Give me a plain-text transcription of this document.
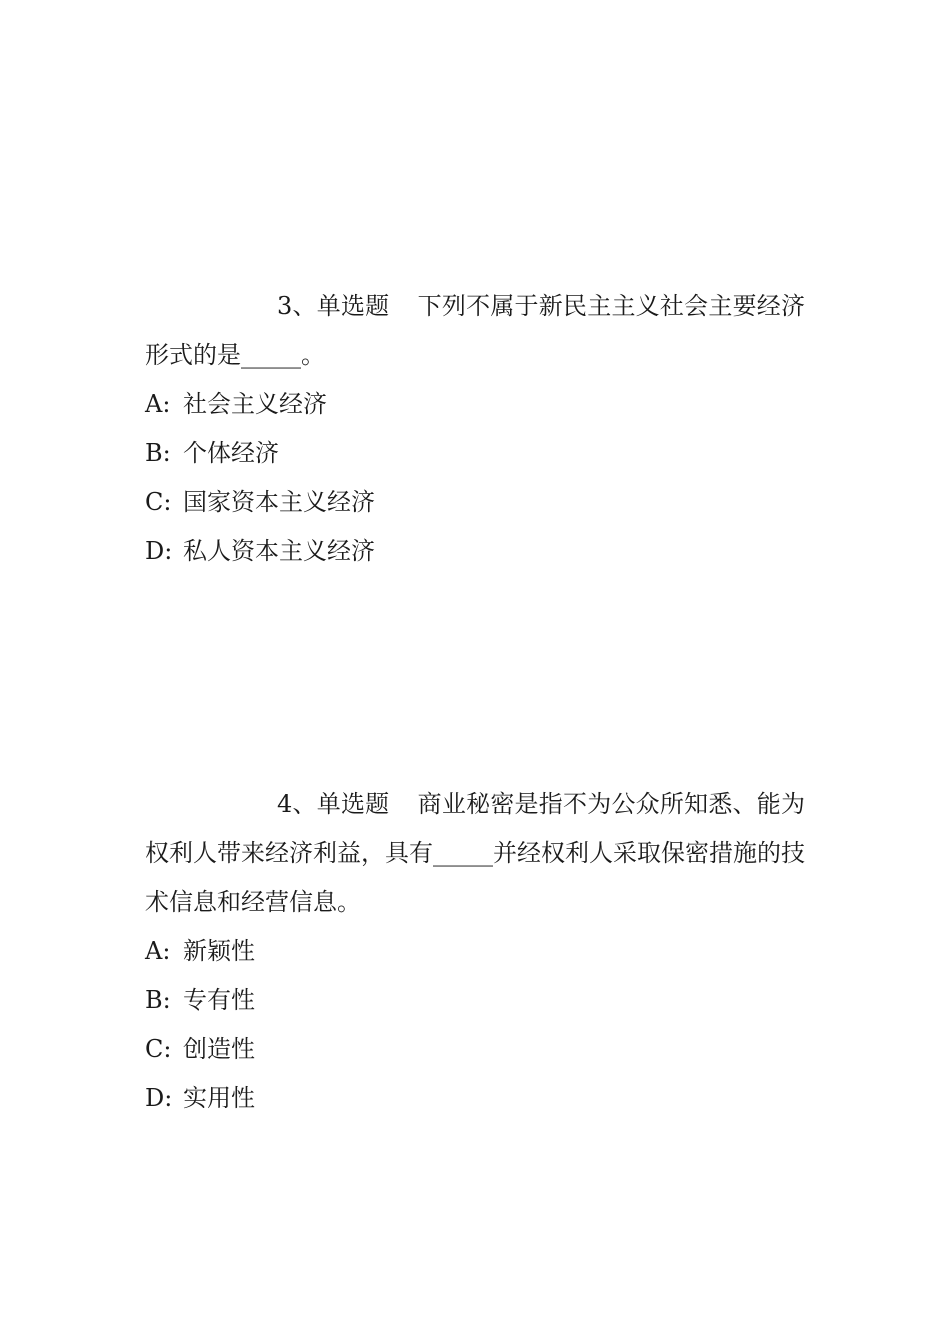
3、单选题 下列不属于新民主主义社会主要经济形式的是_____。

A: 社会主义经济
B: 个体经济
C: 国家资本主义经济
D: 私人资本主义经济

4、单选题 商业秘密是指不为公众所知悉、能为权利人带来经济利益，具有_____并经权利人采取保密措施的技术信息和经营信息。

A: 新颖性
B: 专有性
C: 创造性
D: 实用性
